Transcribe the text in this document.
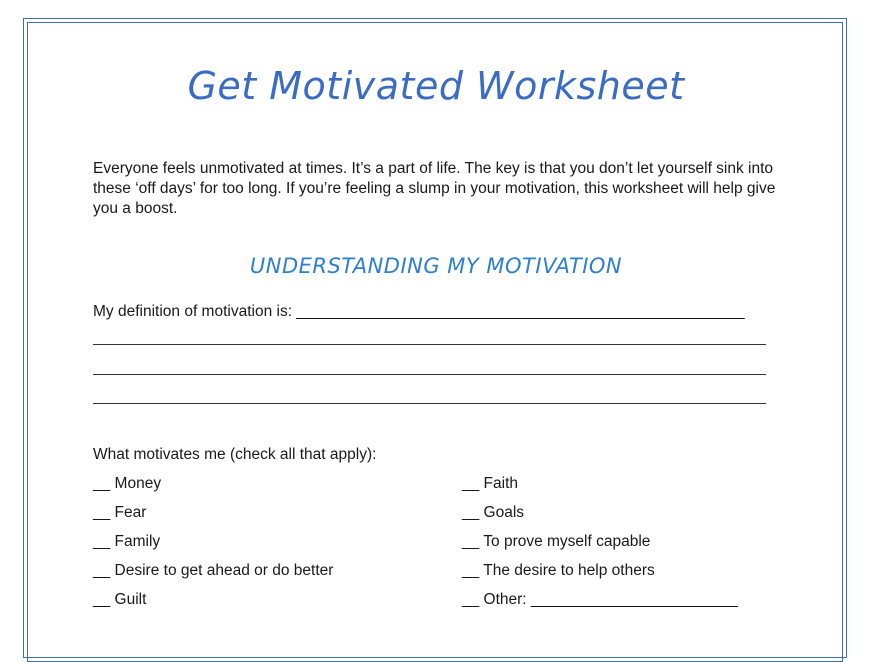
Get Motivated Worksheet

Everyone feels unmotivated at times. It’s a part of life. The key is that you don’t let yourself sink into these ‘off days’ for too long. If you’re feeling a slump in your motivation, this worksheet will help give you a boost.

UNDERSTANDING MY MOTIVATION
My definition of motivation is: ____________________________________________________
What motivates me (check all that apply):
__ Money
__ Fear
__ Family
__ Desire to get ahead or do better
__ Guilt
__ Faith
__ Goals
__ To prove myself capable
__ The desire to help others
__ Other: ________________________
